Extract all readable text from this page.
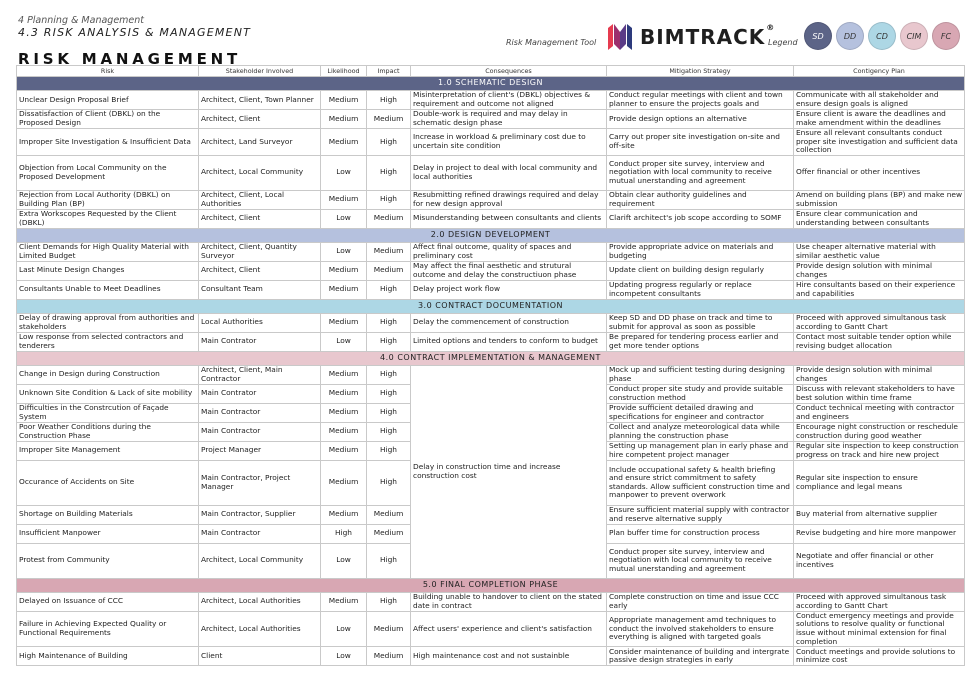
4 Planning & Management
4.3 RISK ANALYSIS & MANAGEMENT
RISK MANAGEMENT
Risk Management Tool BIMTRACK®
Legend
SD	DD	CD	CIM	FC
Risk	Stakeholder Involved	Likelihood	Impact	Consequences	Mitigation Strategy	Contigency Plan
1.0 SCHEMATIC DESIGN						
Unclear Design Proposal Brief	Architect, Client, Town Planner	Medium	High	Misinterpretation of client's (DBKL) objectives & requirement and outcome not aligned	Conduct regular meetings with client and town planner to ensure the projects goals and	Communicate with all stakeholder and ensure design goals is aligned
Dissatisfaction of Client (DBKL) on the Proposed Design	Architect, Client	Medium	Medium	Double-work is required and may delay in schematic design phase	Provide design options an alternative	Ensure client is aware the deadlines and make amendment within the deadlines
Improper Site Investigation & Insufficient Data	Architect, Land Surveyor	Medium	High	Increase in workload & preliminary cost due to uncertain site condition	Carry out proper site investigation on-site and off-site	Ensure all relevant consultants conduct proper site investigation and sufficient data collection
Objection from Local Community on the Proposed Development	Architect, Local Community	Low	High	Delay in project to deal with local community and local authorities	Conduct proper site survey, interview and negotiation with local community to receive mutual unerstanding and agreement	Offer financial or other incentives
Rejection from Local Authority (DBKL) on Building Plan (BP)	Architect, Client, Local Authorities	Medium	High	Resubmitting refined drawings required and delay for new design approval	Obtain clear authority guidelines and requirement	Amend on building plans (BP) and make new submission
Extra Workscopes Requested by the Client (DBKL)	Architect, Client	Low	Medium	Misunderstanding between consultants and clients	Clarift architect's job scope according to SOMF	Ensure clear communication and understanding between consultants
2.0 DESIGN DEVELOPMENT						
Client Demands for High Quality Material with Limited Budget	Architect, Client, Quantity Surveyor	Low	Medium	Affect final outcome, quality of spaces and preliminary cost	Provide appropriate advice on materials and budgeting	Use cheaper alternative material with similar aesthetic value
Last Minute Design Changes	Architect, Client	Medium	Medium	May affect the final aesthetic and strutural outcome and delay the constructiuon phase	Update client on building design regularly	Provide design solution with minimal changes
Consultants Unable to Meet Deadlines	Consultant Team	Medium	High	Delay project work flow	Updating progress regularly or replace incompetent consultants	Hire consultants based on their experience and capabilities
3.0 CONTRACT DOCUMENTATION						
Delay of drawing approval from authorities and stakeholders	Local Authorities	Medium	High	Delay the commencement of construction	Keep SD and DD phase on track and time to submit for approval as soon as possible	Proceed with approved simultanous task according to Gantt Chart
Low response from selected contractors and tenderers	Main Contrator	Low	High	Limited options and tenders to conform to budget	Be prepared for tendering process earlier and get more tender options	Contact most suitable tender option while revising budget allocation
4.0 CONTRACT IMPLEMENTATION & MANAGEMENT						
Change in Design during Construction	Architect, Client, Main Contractor	Medium	High	Delay in construction time and increase construction cost	Mock up and sufficient testing during designing phase	Provide design solution with minimal changes
Unknown Site Condition & Lack of site mobility	Main Contrator	Medium	High		Conduct proper site study and provide suitable construction method	Discuss with relevant stakeholders to have best solution within time frame
Difficulties in the Constrcution of Façade System	Main Contractor	Medium	High		Provide sufficient detailed drawing and specifications for engineer and contractor	Conduct technical meeting with contractor and engineers
Poor Weather Conditions during the Construction Phase	Main Contractor	Medium	High		Collect and analyze meteorological data while planning the construction phase	Encourage night construction or reschedule construction during good weather
Improper Site Management	Project Manager	Medium	High		Setting up management plan in early phase and hire competent project manager	Regular site inspection to keep construction progress on track and hire new project
Occurance of Accidents on Site	Main Contractor, Project Manager	Medium	High		Include occupational safety & health briefing and ensure strict commitment to safety standards. Allow sufficient construction time and manpower to prevent overwork	Regular site inspection to ensure compliance and legal means
Shortage on Building Materials	Main Contractor, Supplier	Medium	Medium		Ensure sufficient material supply with contractor and reserve alternative supply	Buy material from alternative supplier
Insufficient Manpower	Main Contractor	High	Medium		Plan buffer time for construction process	Revise budgeting and hire more manpower
Protest from Community	Architect, Local Community	Low	High		Conduct proper site survey, interview and negotiation with local community to receive mutual unerstanding and agreement	Negotiate and offer financial or other incentives
5.0 FINAL COMPLETION PHASE						
Delayed on Issuance of CCC	Architect, Local Authorities	Medium	High	Building unable to handover to client on the stated date in contract	Complete construction on time and issue CCC early	Proceed with approved simultanous task according to Gantt Chart
Failure in Achieving Expected Quality or Functional Requirements	Architect, Local Authorities	Low	Medium	Affect users' experience and client's satisfaction	Appropriate management amd techniques to conduct the involved stakeholders to ensure everything is aligned with targeted goals	Conduct emergency meetings and provide solutions to resolve quality or functional issue without minimal extension for final completion
High Maintenance of Building	Client	Low	Medium	High maintenance cost and not sustainble	Consider maintenance of building and intergrate passive design strategies in early	Conduct meetings and provide solutions to minimize cost
